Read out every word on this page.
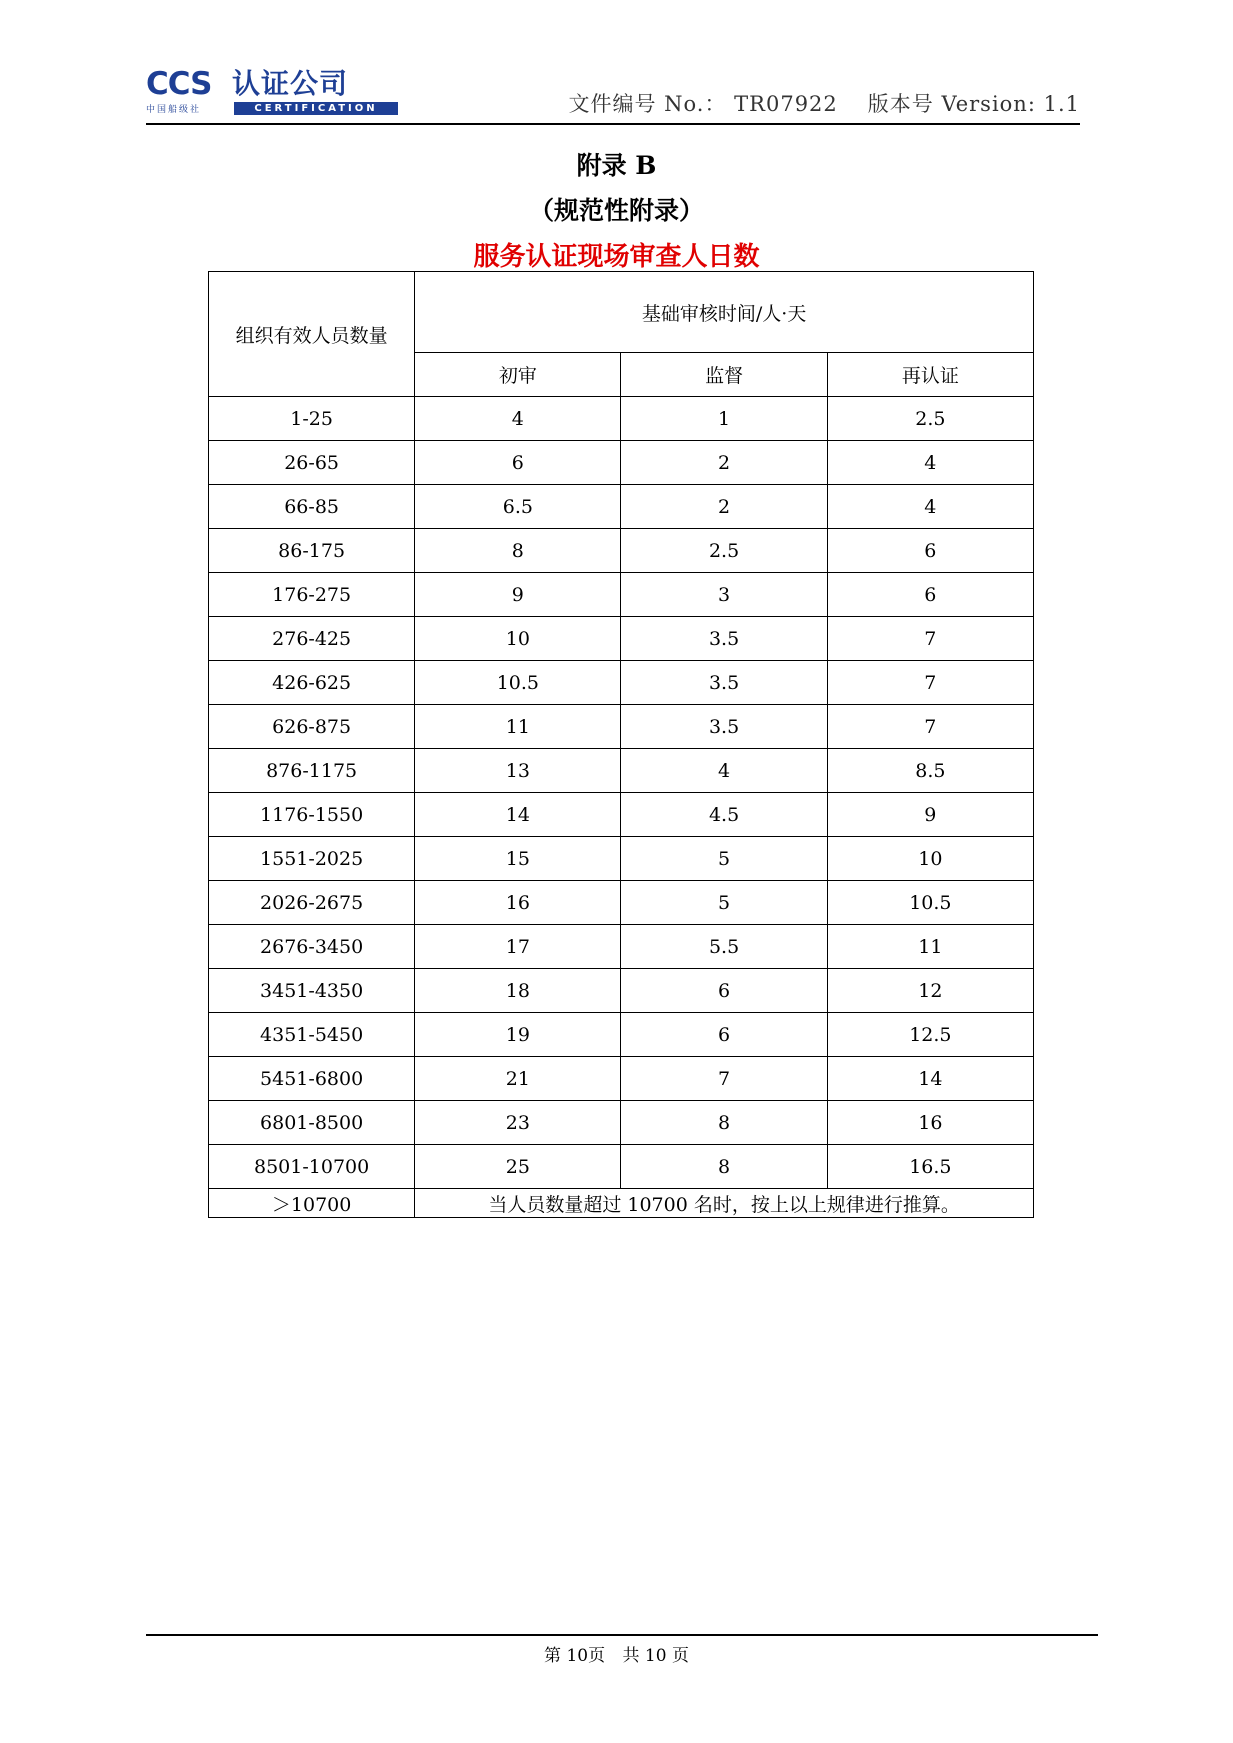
CCS 认证公司
中国船级社	CERTIFICATION	文件编号 No.： TR07922 版本号 Version: 1.1
附录 B
（规范性附录）
服务认证现场审查人日数
组织有效人员数量	基础审核时间/人·天		
	初审	监督	再认证
1-25	4	1	2.5
26-65	6	2	4
66-85	6.5	2	4
86-175	8	2.5	6
176-275	9	3	6
276-425	10	3.5	7
426-625	10.5	3.5	7
626-875	11	3.5	7
876-1175	13	4	8.5
1176-1550	14	4.5	9
1551-2025	15	5	10
2026-2675	16	5	10.5
2676-3450	17	5.5	11
3451-4350	18	6	12
4351-5450	19	6	12.5
5451-6800	21	7	14
6801-8500	23	8	16
8501-10700	25	8	16.5
＞10700	当人员数量超过 10700 名时，按上以上规律进行推算。		
第 10页 共 10 页
